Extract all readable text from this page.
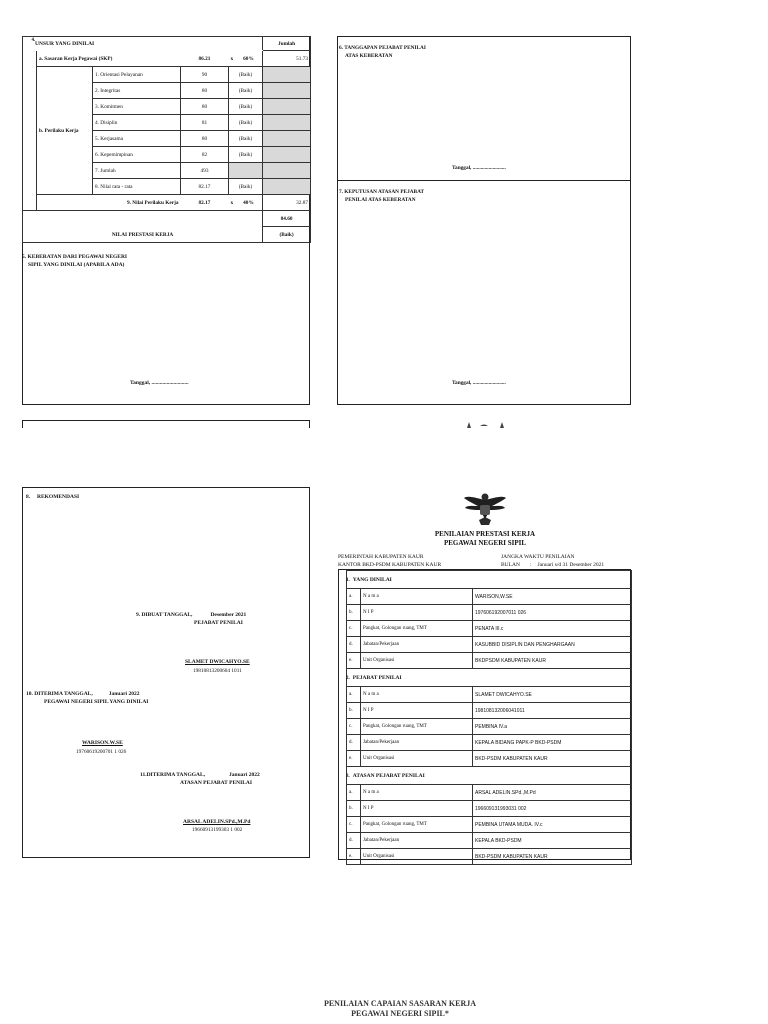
4.
UNSUR YANG DINILAI					Jumlah
	a. Sasaran Kerja Pegawai (SKP)		86.21	x 60%	51.73
	b. Perilaku Kerja	1. Orientasi Pelayanan	90	(Baik)	
		2. Integritas	80	(Baik)	
		3. Komitmen	80	(Baik)	
		4. Disiplin	81	(Baik)	
		5. Kerjasama	80	(Baik)	
		6. Kepemimpinan	82	(Baik)	
		7. Jumlah	493		
		8. Nilai rata - rata	82.17	(Baik)	
		9. Nilai Perilaku Kerja	82.17	x 40%	32.87
					84.60
NILAI PRESTASI KERJA					(Baik)
5. KEBERATAN DARI PEGAWAI NEGERI
SIPIL YANG DINILAI (APABILA ADA)
Tanggal, ...........................
6. TANGGAPAN PEJABAT PENILAI
ATAS KEBERATAN
Tanggal, .........................
7. KEPUTUSAN ATASAN PEJABAT
PENILAI ATAS KEBERATAN
Tanggal, .........................
8.     REKOMENDASI
9. DIBUAT TANGGAL,	Desember 2021
PEJABAT PENILAI
SLAMET DWICAHYO.SE
19810813200604 1011
10. DITERIMA TANGGAL,	Januari 2022
PEGAWAI NEGERI SIPIL YANG DINILAI
WARISON.W.SE
19760619200701 1 026
11.DITERIMA TANGGAL,	Januari 2022
ATASAN PEJABAT PENILAI
ARSAL ADELIN.SPd.,M.Pd
19660913199303 1 002
PENILAIAN PRESTASI KERJA
PEGAWAI NEGERI SIPIL
PEMERINTAH KABUPATEN KAUR
KANTOR BKD-PSDM KABUPATEN KAUR
JANGKA WAKTU PENILAIAN
BULAN : Januari s/d 31 Desember 2021
1. YANG DINILAI		
a.	N a m a	WARISON,W.SE
b.	N I P	197606192007011 026
c.	Pangkat, Golongan ruang, TMT	PENATA III.c
d.	Jabatan/Pekerjaan	KASUBBID DISIPLIN DAN PENGHARGAAN
e.	Unit Organisasi	BKDPSDM KABUPATEN KAUR
2. PEJABAT PENILAI		
a.	N a m a	SLAMET DWICAHYO.SE
b.	N I P	198108132006041011
c.	Pangkat, Golongan ruang, TMT	PEMBINA IV.a
d.	Jabatan/Pekerjaan	KEPALA BIDANG PAPK-P BKD-PSDM
e.	Unit Organisasi	BKD-PSDM KABUPATEN KAUR
3. ATASAN PEJABAT PENILAI		
a.	N a m a	ARSAL ADELIN.SPd.,M.Pd
b.	N I P	196609131993031 002
c.	Pangkat, Golongan ruang, TMT	PEMBINA UTAMA MUDA. IV.c
d.	Jabatan/Pekerjaan	KEPALA BKD-PSDM
e.	Unit Organisasi	BKD-PSDM KABUPATEN KAUR
PENILAIAN CAPAIAN SASARAN KERJA
PEGAWAI NEGERI SIPIL*
